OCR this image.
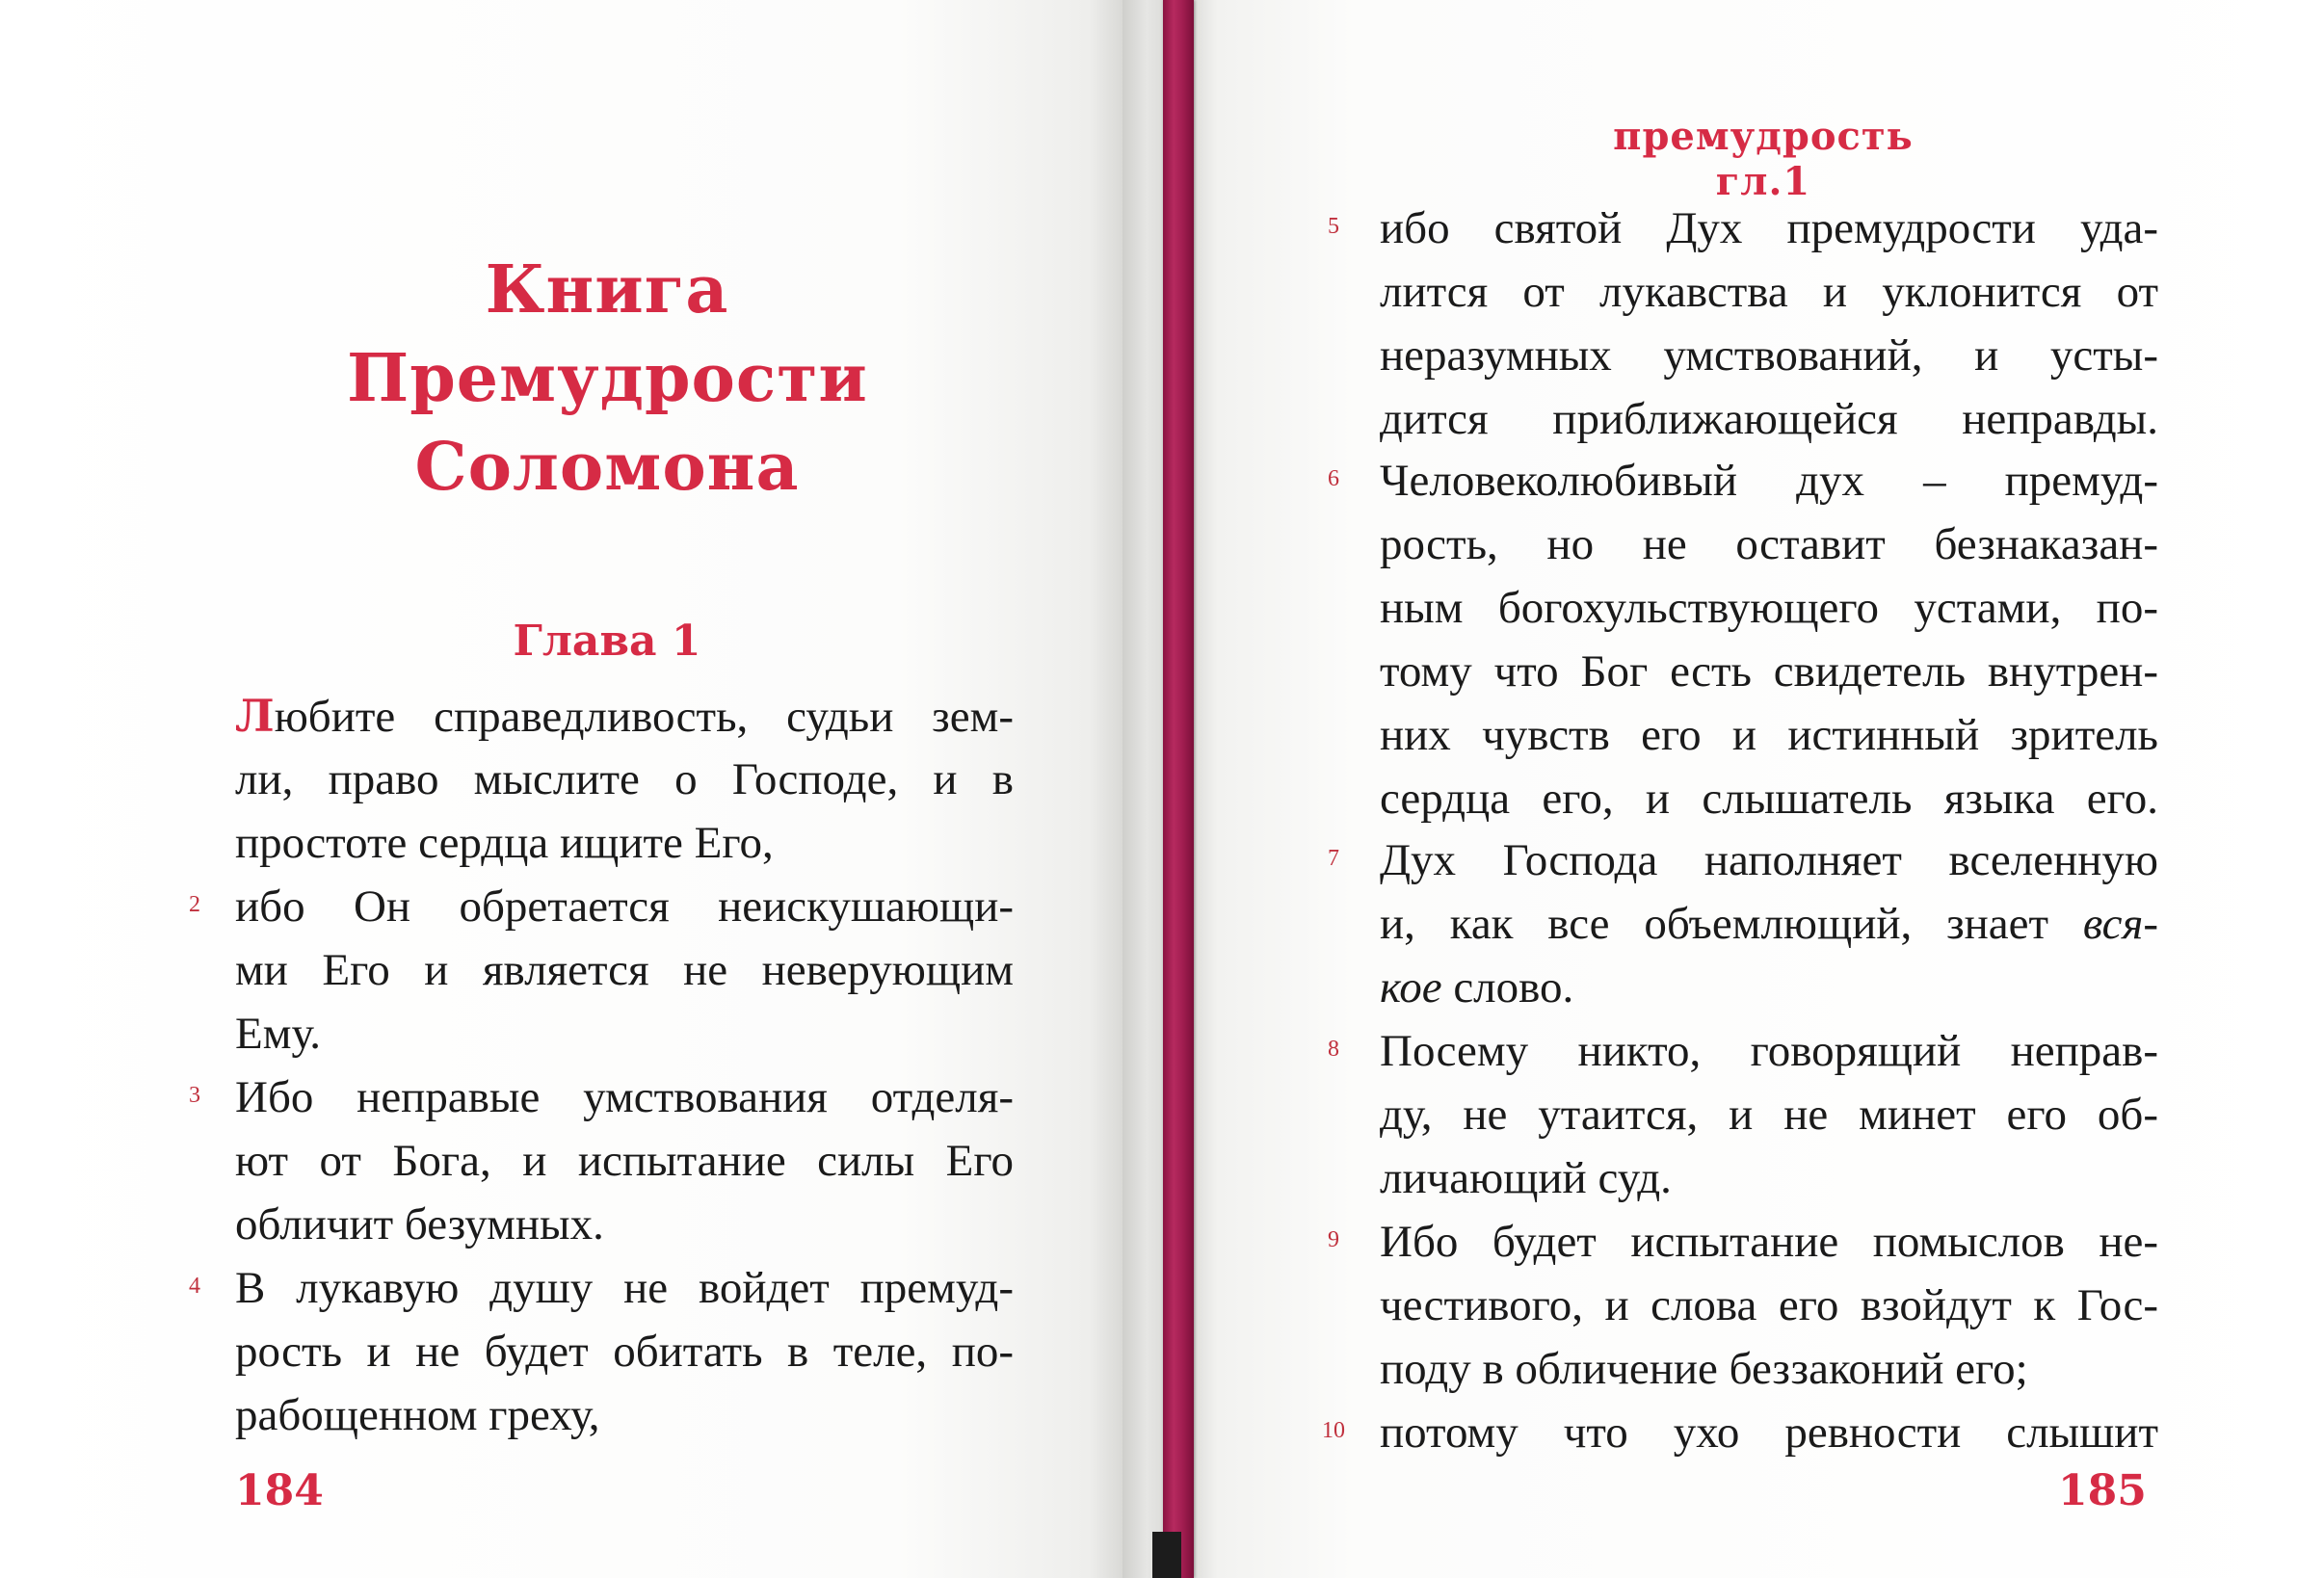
Книга
Премудрости
Соломона
Глава 1
Любите справедливость, судьи зем-
ли, право мыслите о Господе, и в
простоте сердца ищите Его,
2 ибо Он обретается неискушающи-
ми Его и является не неверующим
Ему.
3 Ибо неправые умствования отделя-
ют от Бога, и испытание силы Его
обличит безумных.
4 В лукавую душу не войдет премуд-
рость и не будет обитать в теле, по-
рабощенном греху,
184
премудрость гл.1
5 ибо святой Дух премудрости уда-
лится от лукавства и уклонится от
неразумных умствований, и усты-
дится приближающейся неправды.
6 Человеколюбивый дух – премуд-
рость, но не оставит безнаказан-
ным богохульствующего устами, по-
тому что Бог есть свидетель внутрен-
них чувств его и истинный зритель
сердца его, и слышатель языка его.
7 Дух Господа наполняет вселенную
и, как все объемлющий, знает вся-
кое слово.
8 Посему никто, говорящий неправ-
ду, не утаится, и не минет его об-
личающий суд.
9 Ибо будет испытание помыслов не-
честивого, и слова его взойдут к Гос-
поду в обличение беззаконий его;
10 потому что ухо ревности слышит
185
